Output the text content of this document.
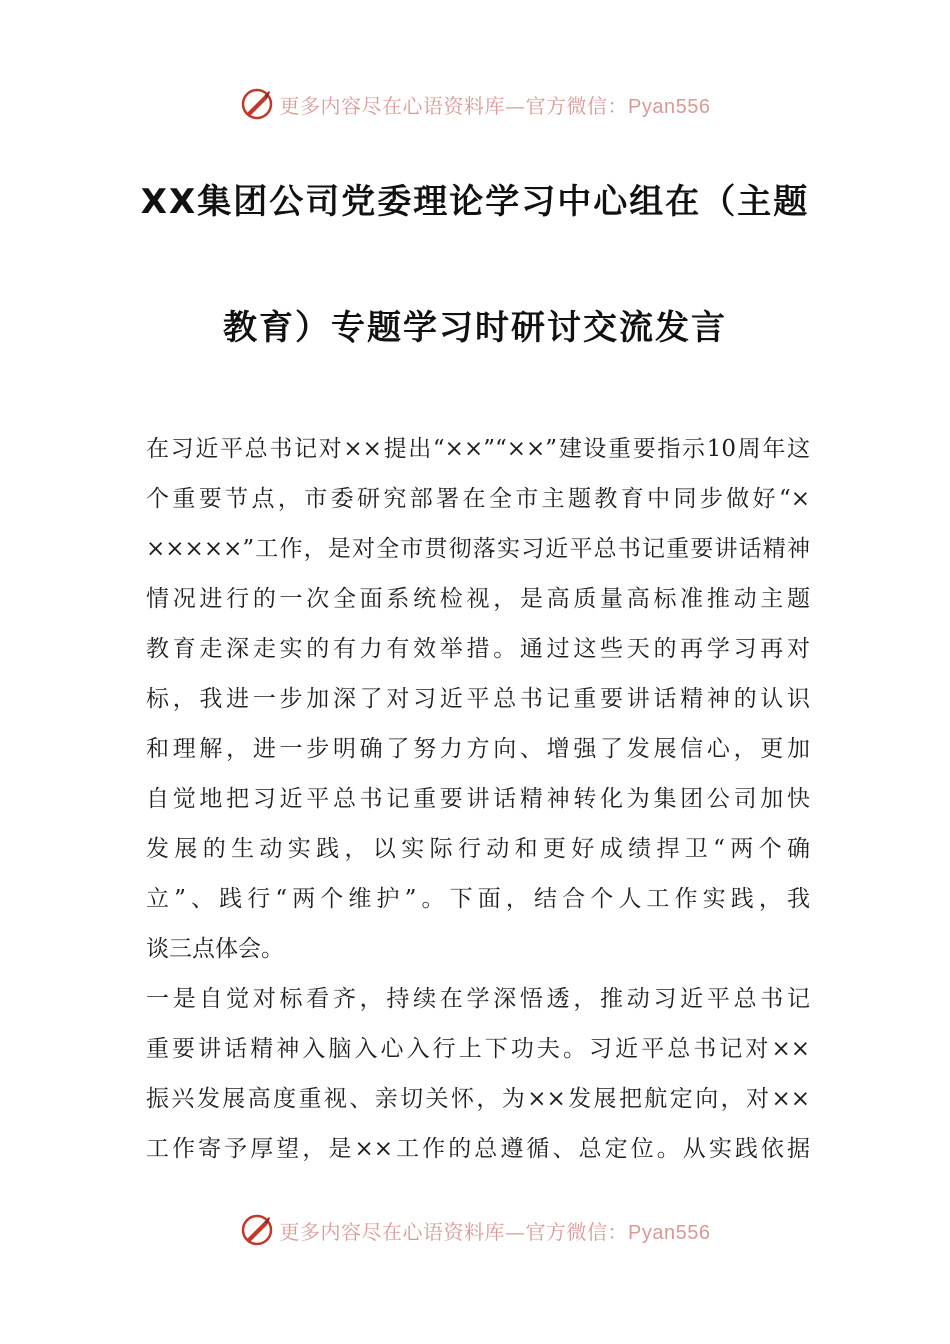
更多内容尽在心语资料库—官方微信：Pyan556
XX集团公司党委理论学习中心组在（主题
教育）专题学习时研讨交流发言
在习近平总书记对××提出“××”“××”建设重要指示10周年这
个重要节点，市委研究部署在全市主题教育中同步做好“×
×××××”工作，是对全市贯彻落实习近平总书记重要讲话精神
情况进行的一次全面系统检视，是高质量高标准推动主题
教育走深走实的有力有效举措。通过这些天的再学习再对
标，我进一步加深了对习近平总书记重要讲话精神的认识
和理解，进一步明确了努力方向、增强了发展信心，更加
自觉地把习近平总书记重要讲话精神转化为集团公司加快
发展的生动实践，以实际行动和更好成绩捍卫“两个确
立”、践行“两个维护”。下面，结合个人工作实践，我
谈三点体会。
一是自觉对标看齐，持续在学深悟透，推动习近平总书记
重要讲话精神入脑入心入行上下功夫。习近平总书记对××
振兴发展高度重视、亲切关怀，为××发展把航定向，对××
工作寄予厚望，是××工作的总遵循、总定位。从实践依据
更多内容尽在心语资料库—官方微信：Pyan556
